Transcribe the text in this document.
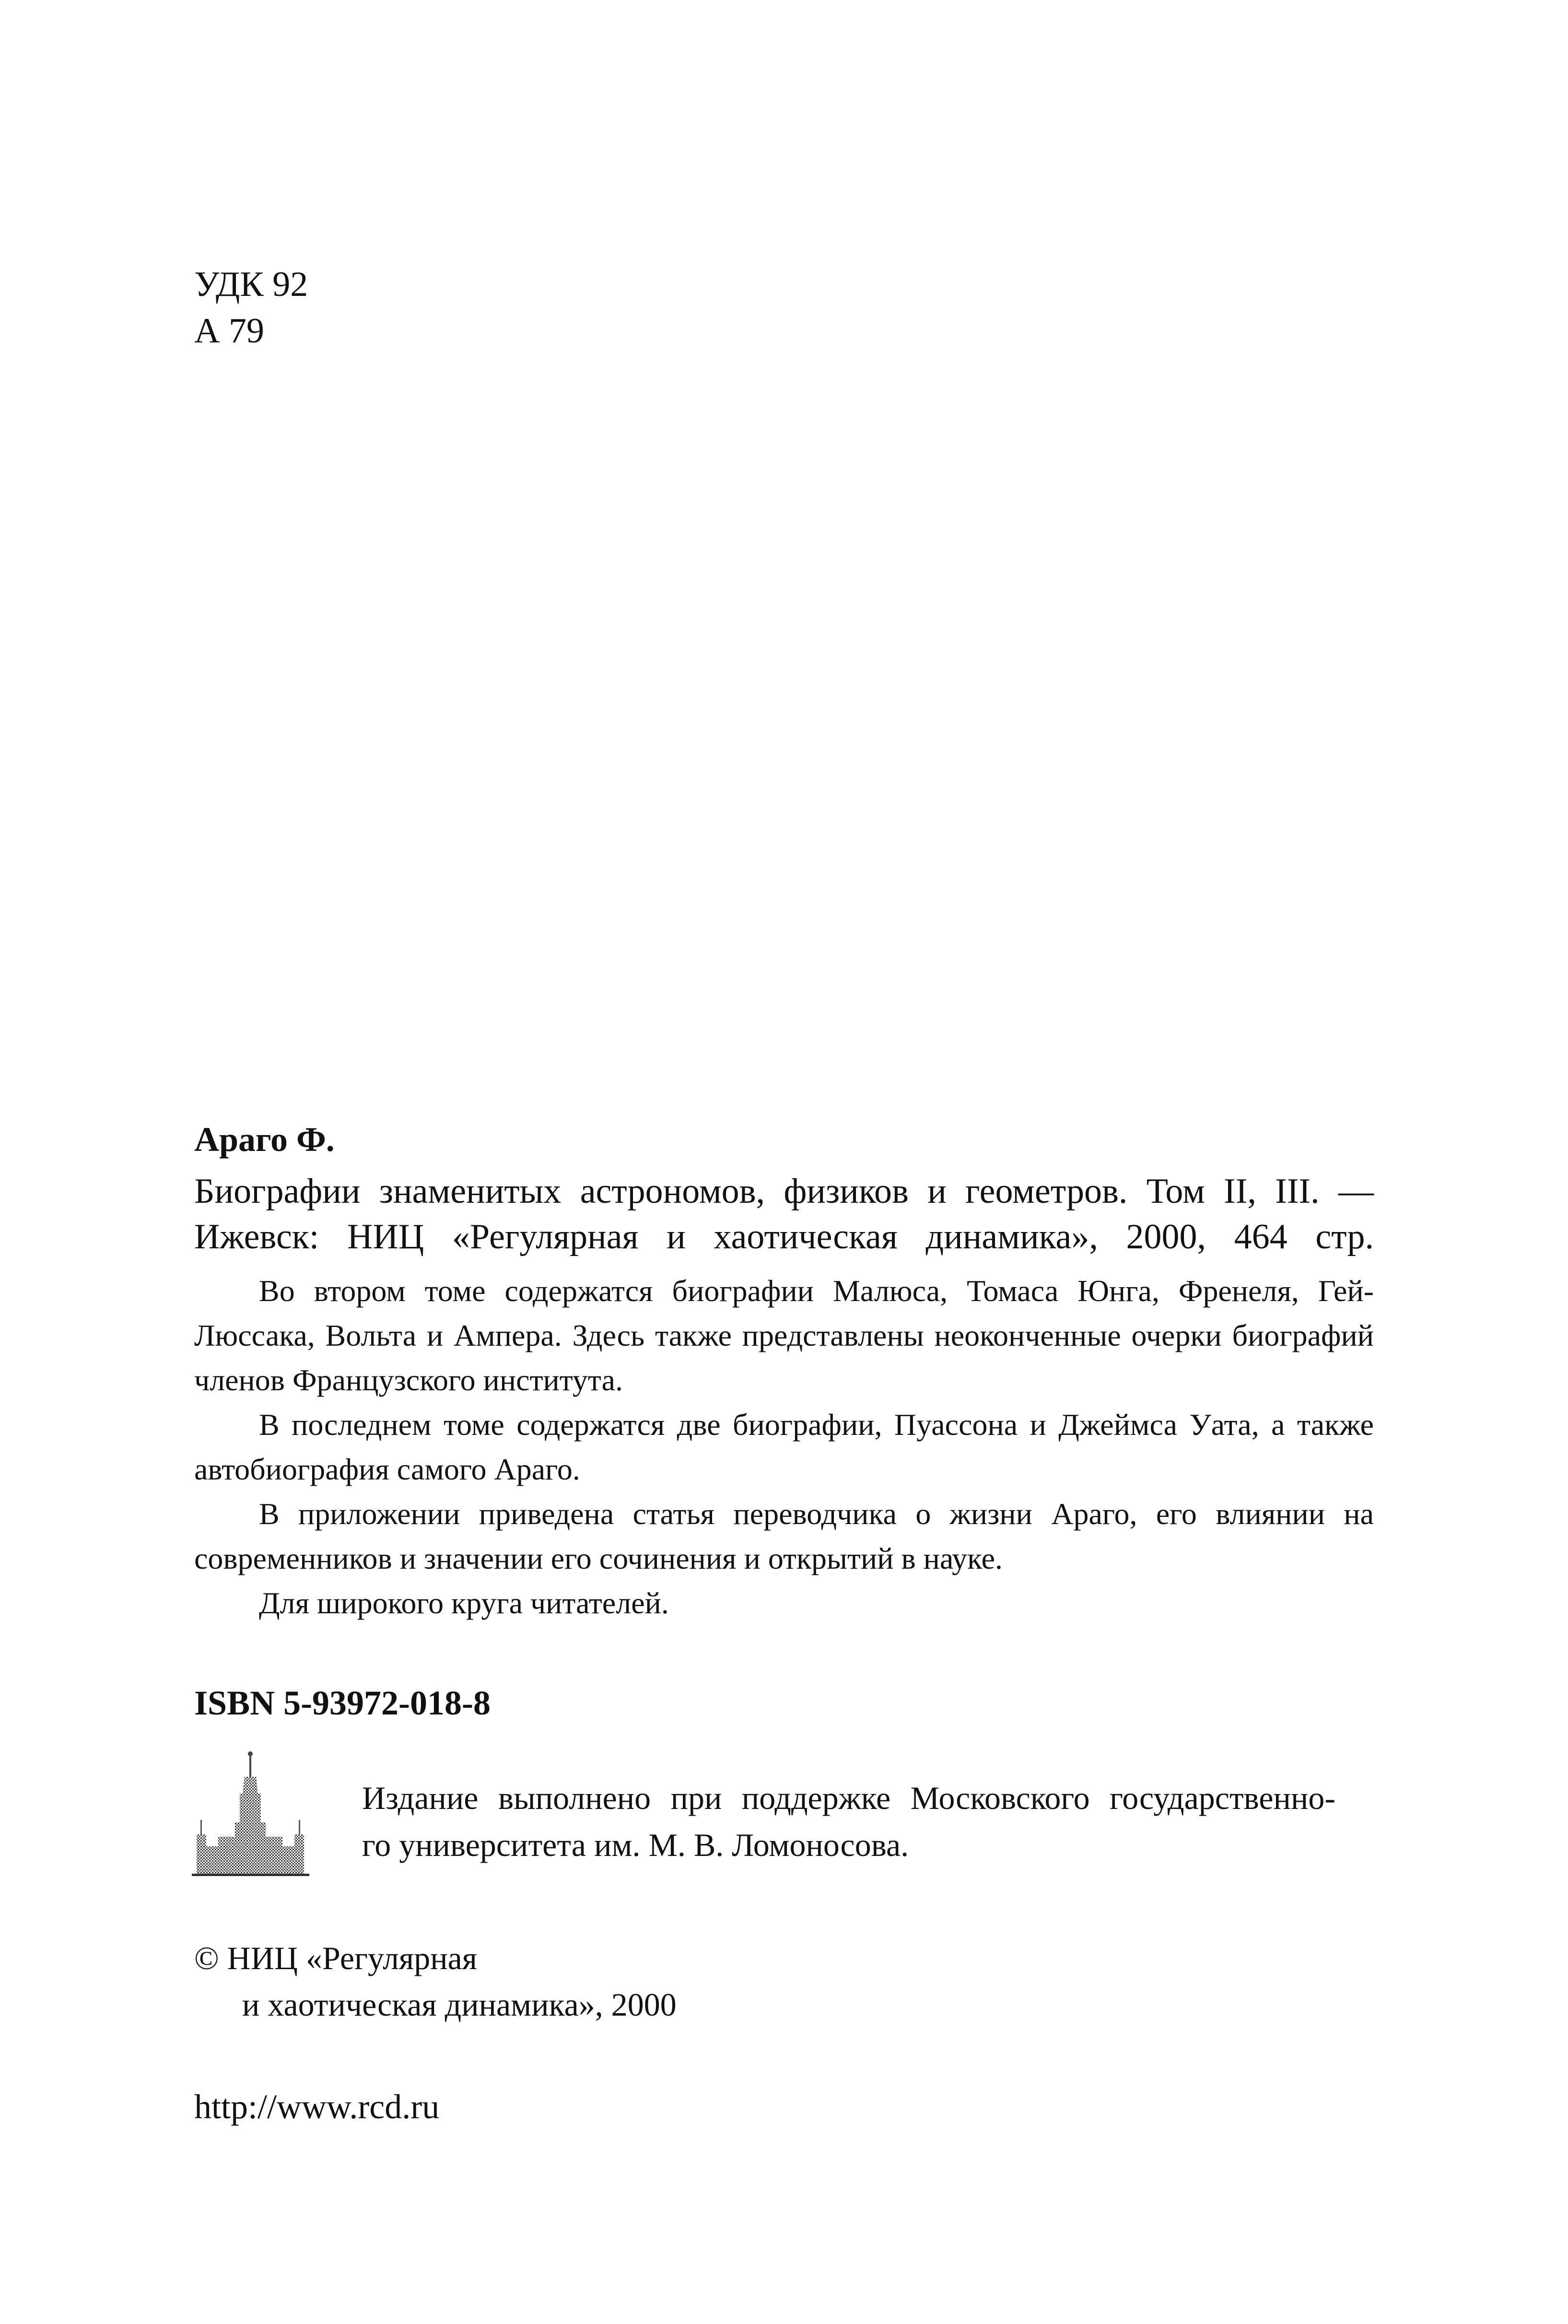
УДК 92
А 79
Араго Ф.
Биографии знаменитых астрономов, физиков и геометров. Том II, III. —
Ижевск: НИЦ «Регулярная и хаотическая динамика», 2000, 464 стр.

Во втором томе содержатся биографии Малюса, Томаса Юнга, Френеля, Гей-Люссака, Вольта и Ампера. Здесь также представлены неоконченные очерки биографий членов Французского института.

В последнем томе содержатся две биографии, Пуассона и Джеймса Уата, а также автобиография самого Араго.

В приложении приведена статья переводчика о жизни Араго, его влиянии на современников и значении его сочинения и открытий в науке.

Для широкого круга читателей.

ISBN 5-93972-018-8
Издание выполнено при поддержке Московского государственно-
го университета им. М. В. Ломоносова.
© НИЦ «Регулярная
и хаотическая динамика», 2000
http://www.rcd.ru
